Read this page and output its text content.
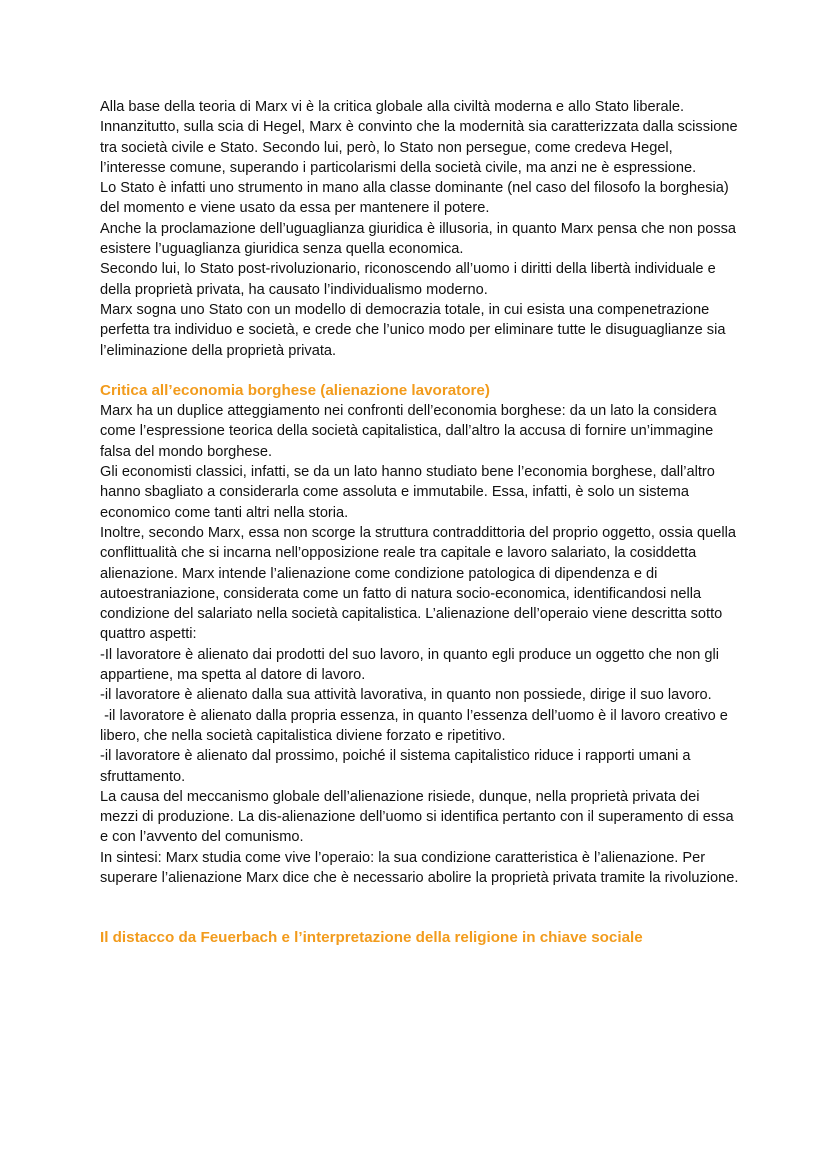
Alla base della teoria di Marx vi è la critica globale alla civiltà moderna e allo Stato liberale.

Innanzitutto, sulla scia di Hegel, Marx è convinto che la modernità sia caratterizzata dalla scissione tra società civile e Stato. Secondo lui, però, lo Stato non persegue, come credeva Hegel, l’interesse comune, superando i particolarismi della società civile, ma anzi ne è espressione.

Lo Stato è infatti uno strumento in mano alla classe dominante (nel caso del filosofo la borghesia) del momento e viene usato da essa per mantenere il potere.

Anche la proclamazione dell’uguaglianza giuridica è illusoria, in quanto Marx pensa che non possa esistere l’uguaglianza giuridica senza quella economica.

Secondo lui, lo Stato post-rivoluzionario, riconoscendo all’uomo i diritti della libertà individuale e della proprietà privata, ha causato l’individualismo moderno.

Marx sogna uno Stato con un modello di democrazia totale, in cui esista una compenetrazione perfetta tra individuo e società, e crede che l’unico modo per eliminare tutte le disuguaglianze sia l’eliminazione della proprietà privata.

Critica all’economia borghese (alienazione lavoratore)

Marx ha un duplice atteggiamento nei confronti dell’economia borghese: da un lato la considera come l’espressione teorica della società capitalistica, dall’altro la accusa di fornire un’immagine falsa del mondo borghese.

Gli economisti classici, infatti, se da un lato hanno studiato bene l’economia borghese, dall’altro hanno sbagliato a considerarla come assoluta e immutabile. Essa, infatti, è solo un sistema economico come tanti altri nella storia.

Inoltre, secondo Marx, essa non scorge la struttura contraddittoria del proprio oggetto, ossia quella conflittualità che si incarna nell’opposizione reale tra capitale e lavoro salariato, la cosiddetta alienazione. Marx intende l’alienazione come condizione patologica di dipendenza e di autoestraniazione, considerata come un fatto di natura socio-economica, identificandosi nella condizione del salariato nella società capitalistica. L’alienazione dell’operaio viene descritta sotto quattro aspetti:

-Il lavoratore è alienato dai prodotti del suo lavoro, in quanto egli produce un oggetto che non gli appartiene, ma spetta al datore di lavoro.

-il lavoratore è alienato dalla sua attività lavorativa, in quanto non possiede, dirige il suo lavoro.

-il lavoratore è alienato dalla propria essenza, in quanto l’essenza dell’uomo è il lavoro creativo e libero, che nella società capitalistica diviene forzato e ripetitivo.

-il lavoratore è alienato dal prossimo, poiché il sistema capitalistico riduce i rapporti umani a sfruttamento.

La causa del meccanismo globale dell’alienazione risiede, dunque, nella proprietà privata dei mezzi di produzione. La dis-alienazione dell’uomo si identifica pertanto con il superamento di essa e con l’avvento del comunismo.

In sintesi: Marx studia come vive l’operaio: la sua condizione caratteristica è l’alienazione. Per superare l’alienazione Marx dice che è necessario abolire la proprietà privata tramite la rivoluzione.

Il distacco da Feuerbach e l’interpretazione della religione in chiave sociale
